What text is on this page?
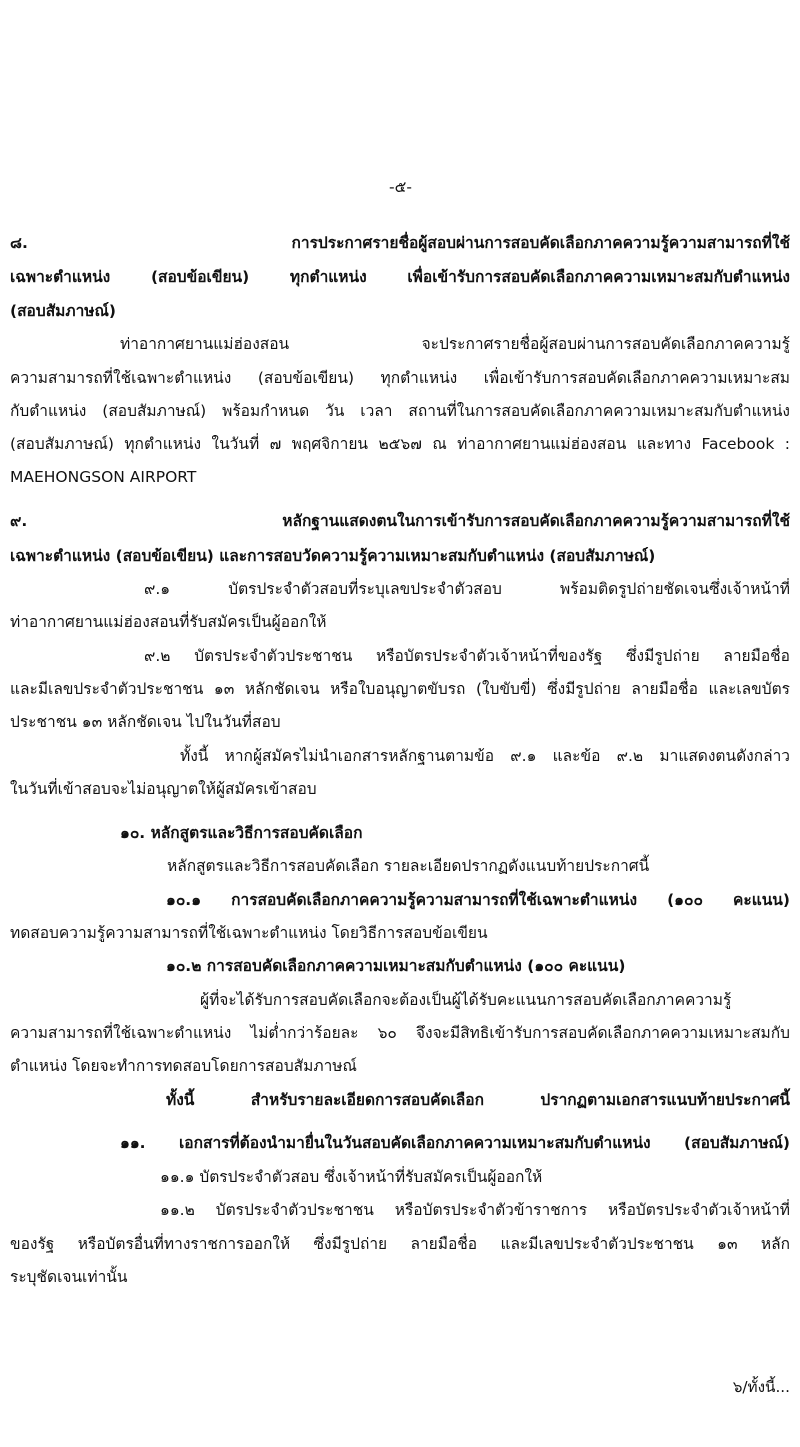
-๕-
๘. การประกาศรายชื่อผู้สอบผ่านการสอบคัดเลือกภาคความรู้ความสามารถที่ใช้
เฉพาะตำแหน่ง (สอบข้อเขียน) ทุกตำแหน่ง เพื่อเข้ารับการสอบคัดเลือกภาคความเหมาะสมกับตำแหน่ง
(สอบสัมภาษณ์)
ท่าอากาศยานแม่ฮ่องสอน จะประกาศรายชื่อผู้สอบผ่านการสอบคัดเลือกภาคความรู้
ความสามารถที่ใช้เฉพาะตำแหน่ง (สอบข้อเขียน) ทุกตำแหน่ง เพื่อเข้ารับการสอบคัดเลือกภาคความเหมาะสม
กับตำแหน่ง (สอบสัมภาษณ์) พร้อมกำหนด วัน เวลา สถานที่ในการสอบคัดเลือกภาคความเหมาะสมกับตำแหน่ง
(สอบสัมภาษณ์) ทุกตำแหน่ง ในวันที่ ๗ พฤศจิกายน ๒๕๖๗ ณ ท่าอากาศยานแม่ฮ่องสอน และทาง Facebook :
MAEHONGSON AIRPORT
๙. หลักฐานแสดงตนในการเข้ารับการสอบคัดเลือกภาคความรู้ความสามารถที่ใช้
เฉพาะตำแหน่ง (สอบข้อเขียน) และการสอบวัดความรู้ความเหมาะสมกับตำแหน่ง (สอบสัมภาษณ์)
๙.๑ บัตรประจำตัวสอบที่ระบุเลขประจำตัวสอบ พร้อมติดรูปถ่ายชัดเจนซึ่งเจ้าหน้าที่
ท่าอากาศยานแม่ฮ่องสอนที่รับสมัครเป็นผู้ออกให้
๙.๒ บัตรประจำตัวประชาชน หรือบัตรประจำตัวเจ้าหน้าที่ของรัฐ ซึ่งมีรูปถ่าย ลายมือชื่อ
และมีเลขประจำตัวประชาชน ๑๓ หลักชัดเจน หรือใบอนุญาตขับรถ (ใบขับขี่) ซึ่งมีรูปถ่าย ลายมือชื่อ และเลขบัตร
ประชาชน ๑๓ หลักชัดเจน ไปในวันที่สอบ
ทั้งนี้ หากผู้สมัครไม่นำเอกสารหลักฐานตามข้อ ๙.๑ และข้อ ๙.๒ มาแสดงตนดังกล่าว
ในวันที่เข้าสอบจะไม่อนุญาตให้ผู้สมัครเข้าสอบ
๑๐. หลักสูตรและวิธีการสอบคัดเลือก
หลักสูตรและวิธีการสอบคัดเลือก รายละเอียดปรากฏดังแนบท้ายประกาศนี้
๑๐.๑ การสอบคัดเลือกภาคความรู้ความสามารถที่ใช้เฉพาะตำแหน่ง (๑๐๐ คะแนน)
ทดสอบความรู้ความสามารถที่ใช้เฉพาะตำแหน่ง โดยวิธีการสอบข้อเขียน
๑๐.๒ การสอบคัดเลือกภาคความเหมาะสมกับตำแหน่ง (๑๐๐ คะแนน)
ผู้ที่จะได้รับการสอบคัดเลือกจะต้องเป็นผู้ได้รับคะแนนการสอบคัดเลือกภาคความรู้
ความสามารถที่ใช้เฉพาะตำแหน่ง ไม่ต่ำกว่าร้อยละ ๖๐ จึงจะมีสิทธิเข้ารับการสอบคัดเลือกภาคความเหมาะสมกับ
ตำแหน่ง โดยจะทำการทดสอบโดยการสอบสัมภาษณ์
ทั้งนี้ สำหรับรายละเอียดการสอบคัดเลือก ปรากฏตามเอกสารแนบท้ายประกาศนี้
๑๑. เอกสารที่ต้องนำมายื่นในวันสอบคัดเลือกภาคความเหมาะสมกับตำแหน่ง (สอบสัมภาษณ์)
๑๑.๑ บัตรประจำตัวสอบ ซึ่งเจ้าหน้าที่รับสมัครเป็นผู้ออกให้
๑๑.๒ บัตรประจำตัวประชาชน หรือบัตรประจำตัวข้าราชการ หรือบัตรประจำตัวเจ้าหน้าที่
ของรัฐ หรือบัตรอื่นที่ทางราชการออกให้ ซึ่งมีรูปถ่าย ลายมือชื่อ และมีเลขประจำตัวประชาชน ๑๓ หลัก
ระบุชัดเจนเท่านั้น
๖/ทั้งนี้...
